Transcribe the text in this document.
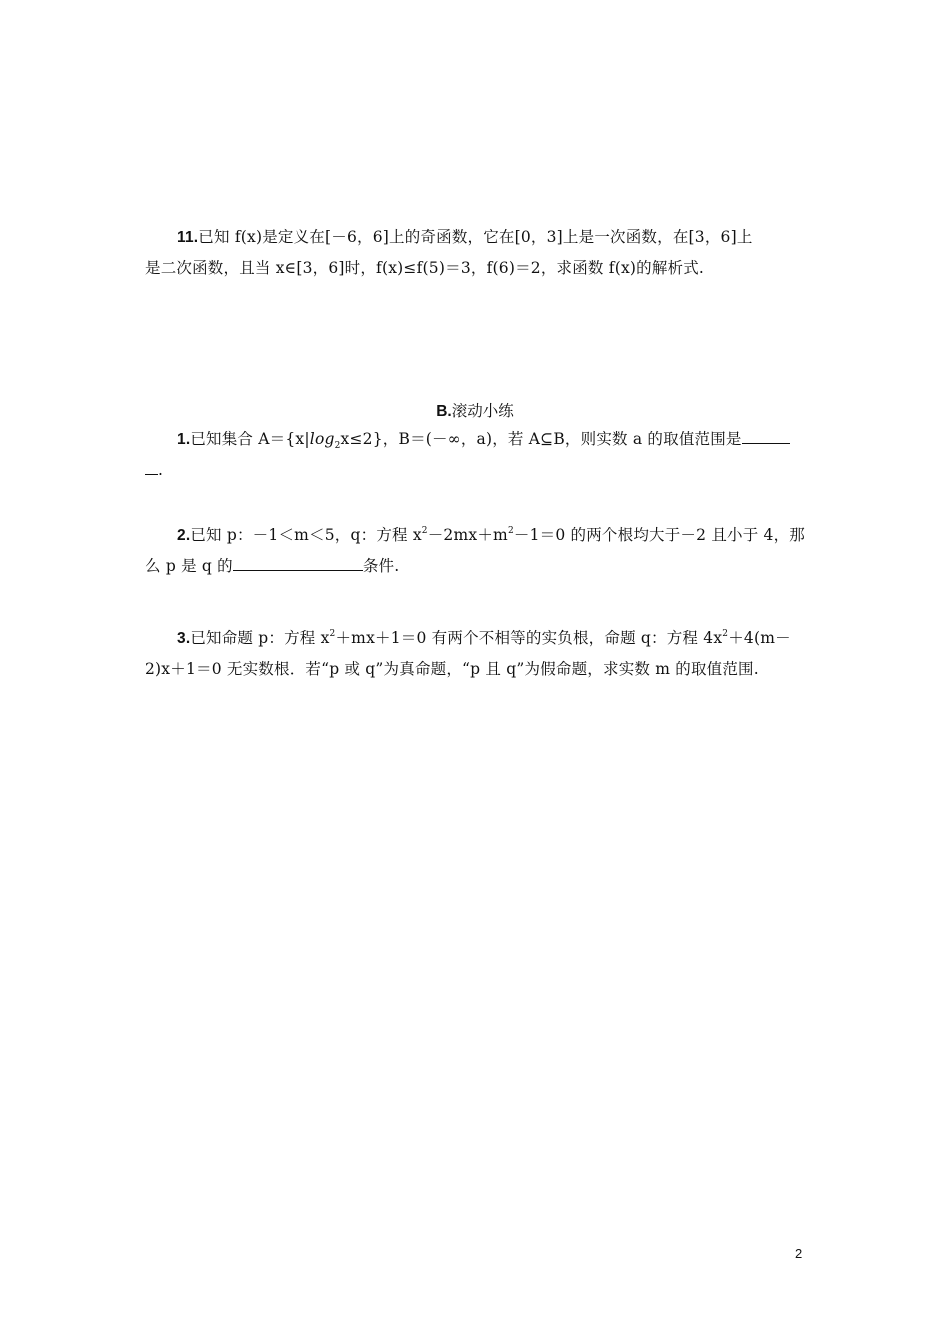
11.已知 f(x)是定义在[－6，6]上的奇函数，它在[0，3]上是一次函数，在[3，6]上
是二次函数，且当 x∈[3，6]时，f(x)≤f(5)＝3，f(6)＝2，求函数 f(x)的解析式.
B.滚动小练
1.已知集合 $A=\{x|\log_2x\le 2\}$，B＝(－∞，a)，若 A⊆B，则实数 a 的取值范围是
.
2.已知 p：－1＜m＜5，q：方程 $x^2-2mx+m^2-1=0$ 的两个根均大于－2 且小于 4，那
么 p 是 q 的	条件.
3.已知命题 p：方程 $x^2+mx+1=0$ 有两个不相等的实负根，命题 q：方程 $4x^2+4(m-$
2)x＋1＝0 无实数根．若“p 或 q”为真命题，“p 且 q”为假命题，求实数 m 的取值范围.
2
